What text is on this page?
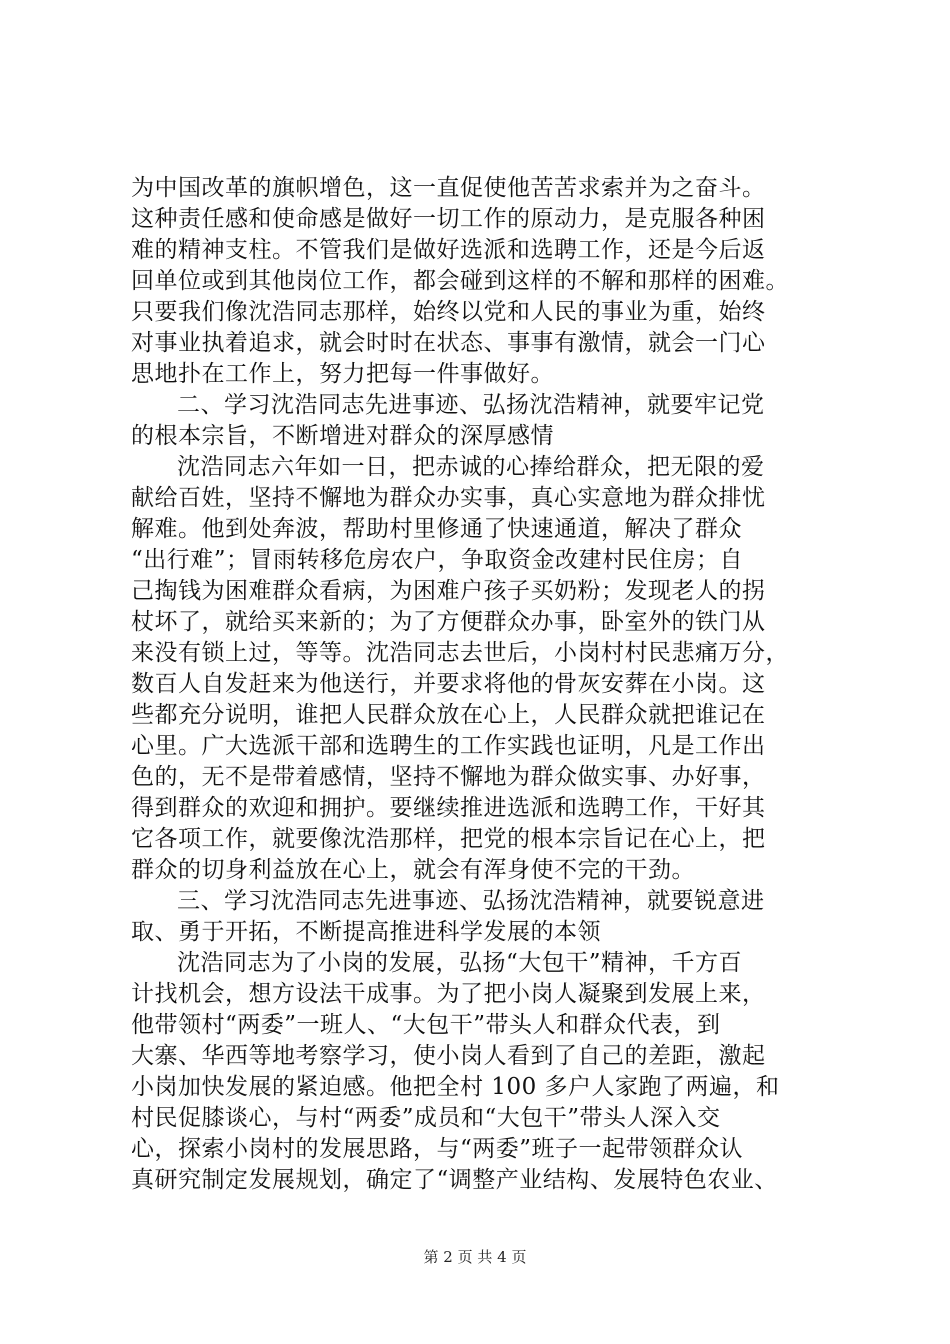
为中国改革的旗帜增色，这一直促使他苦苦求索并为之奋斗。
这种责任感和使命感是做好一切工作的原动力，是克服各种困
难的精神支柱。不管我们是做好选派和选聘工作，还是今后返
回单位或到其他岗位工作，都会碰到这样的不解和那样的困难。
只要我们像沈浩同志那样，始终以党和人民的事业为重，始终
对事业执着追求，就会时时在状态、事事有激情，就会一门心
思地扑在工作上，努力把每一件事做好。
二、学习沈浩同志先进事迹、弘扬沈浩精神，就要牢记党
的根本宗旨，不断增进对群众的深厚感情
沈浩同志六年如一日，把赤诚的心捧给群众，把无限的爱
献给百姓，坚持不懈地为群众办实事，真心实意地为群众排忧
解难。他到处奔波，帮助村里修通了快速通道，解决了群众
“出行难”；冒雨转移危房农户，争取资金改建村民住房；自
己掏钱为困难群众看病，为困难户孩子买奶粉；发现老人的拐
杖坏了，就给买来新的；为了方便群众办事，卧室外的铁门从
来没有锁上过，等等。沈浩同志去世后，小岗村村民悲痛万分，
数百人自发赶来为他送行，并要求将他的骨灰安葬在小岗。这
些都充分说明，谁把人民群众放在心上，人民群众就把谁记在
心里。广大选派干部和选聘生的工作实践也证明，凡是工作出
色的，无不是带着感情，坚持不懈地为群众做实事、办好事，
得到群众的欢迎和拥护。要继续推进选派和选聘工作，干好其
它各项工作，就要像沈浩那样，把党的根本宗旨记在心上，把
群众的切身利益放在心上，就会有浑身使不完的干劲。
三、学习沈浩同志先进事迹、弘扬沈浩精神，就要锐意进
取、勇于开拓，不断提高推进科学发展的本领
沈浩同志为了小岗的发展，弘扬“大包干”精神，千方百
计找机会，想方设法干成事。为了把小岗人凝聚到发展上来，
他带领村“两委”一班人、“大包干”带头人和群众代表，到
大寨、华西等地考察学习，使小岗人看到了自己的差距，激起
小岗加快发展的紧迫感。他把全村 100 多户人家跑了两遍，和
村民促膝谈心，与村“两委”成员和“大包干”带头人深入交
心，探索小岗村的发展思路，与“两委”班子一起带领群众认
真研究制定发展规划，确定了“调整产业结构、发展特色农业、
第 2 页 共 4 页
